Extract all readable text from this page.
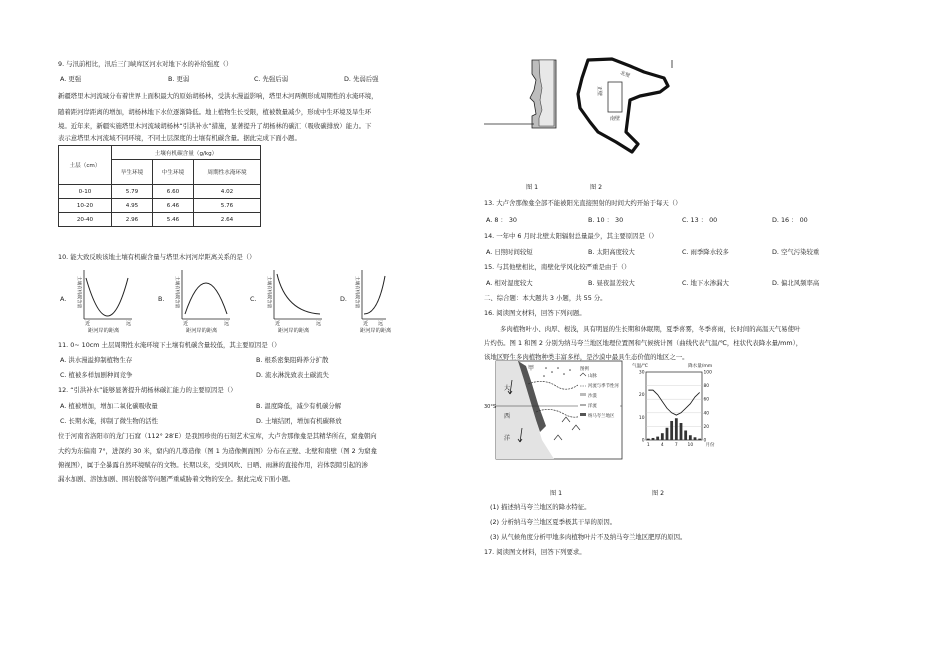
9. 与汛前相比，汛后三门峡库区河水对地下水的补给强度（）
A. 更强	B. 更弱	C. 先强后弱	D. 先弱后强
新疆塔里木河流域分布着世界上面积最大的原始胡杨林，受洪水漫溢影响，塔里木河两侧形成周期性的水淹环境，
随着距河岸距离的增加，胡杨林地下水位逐渐降低。地上植物生长受限，植被数量减少，形成中生环境及旱生环
境。近年来，新疆实施塔里木河流域胡杨林“引洪补水”措施，显著提升了胡杨林的碳汇（吸收碳排放）能力。下
表示意塔里木河流域不同环境，不同土层深度的土壤有机碳含量。据此完成下面小题。
土层（cm）	土壤有机碳含量（g/kg）		
	旱生环境	中生环境	周期性水淹环境
0-10	5.79	6.60	4.02
10-20	4.95	6.46	5.76
20-40	2.96	5.46	2.64
10. 能大致反映该地土壤有机碳含量与塔里木河河岸距离关系的是（）
A. 土壤有机碳含量
近	远
距河岸的距离
B. 土壤有机碳含量
近	远
距河岸的距离
C. 土壤有机碳含量
近	远
距河岸的距离
D. 土壤有机碳含量
近 远
距河岸的距离
11. 0~ 10cm 土层周期性水淹环境下土壤有机碳含量较低，其主要原因是（）
A. 洪水漫溢抑制植物生存	B. 根系密集阻碍养分扩散
C. 植被多样加剧种间竞争	D. 流水淋洗致表土碳流失
12. “引洪补水”能够显著提升胡杨林碳汇能力的主要原因是（）
A. 植被增加，增加二氧化碳吸收量	B. 温度降低，减少有机碳分解
C. 长期水淹，抑制了微生物的活性	D. 土壤结团，增加有机碳释放
位于河南省洛阳市的龙门石窟（112° 28′E）是我国珍贵的石刻艺术宝库，大卢舍那像龛是其精华所在，窟龛朝向
大约为东偏南 7°，进深约 30 米，窟内的几尊造像（图 1 为造像侧面图）分布在正壁、北壁和南壁（图 2 为窟龛
俯视图），属于全暴露自然环境赋存的文物。长期以来，受到风吹、日晒、雨淋的直接作用，岩体裂隙引起的渗
漏水加剧、溶蚀加剧、围岩脱落等问题严重威胁着文物的安全。据此完成下面小题。
北壁
正壁
南壁
图 1	图 2
13. 大卢舍那像龛全部不能被阳光直接照射的时间大约开始于每天（）
A. 8 ： 30	B. 10 ： 30	C. 13 ： 00	D. 16 ： 00
14. 一年中 6 月时北壁太阳辐射总量最少，其主要原因是（）
A. 日照时间较短	B. 太阳高度较大	C. 雨季降水较多	D. 空气污染较重
15. 与其他壁相比，南壁化学风化较严重是由于（）
A. 相对湿度较大	B. 昼夜温差较大	C. 地下水渗漏大	D. 偏北风频率高
二、综合题：本大题共 3 小题，共 55 分。
16. 阅读图文材料，回答下列问题。
多肉植物叶小、肉厚、根浅，具有明显的生长期和休眠期，夏季喜雾，冬季喜雨，长时间的高温天气易使叶
片灼伤。图 1 和图 2 分别为纳马夸兰地区地理位置图和气候统计图（曲线代表气温/℃，柱状代表降水量/mm），
该地区野生多肉植物种类丰富多样，是沙漠中最具生态价值的地区之一。
大
西
洋
甲
30°S
图例
山脉
河流与季节性河
沙漠
洋流
纳马夸兰地区
气温/℃	降水量/mm
30
20
10
0
100
80
60
40
20
0
1	4	7 10	月份
图 1	图 2
(1) 描述纳马夸兰地区的降水特征。
(2) 分析纳马夸兰地区夏季极其干旱的原因。
(3) 从气候角度分析甲地多肉植物叶片不及纳马夸兰地区肥厚的原因。
17. 阅读图文材料，回答下列要求。
